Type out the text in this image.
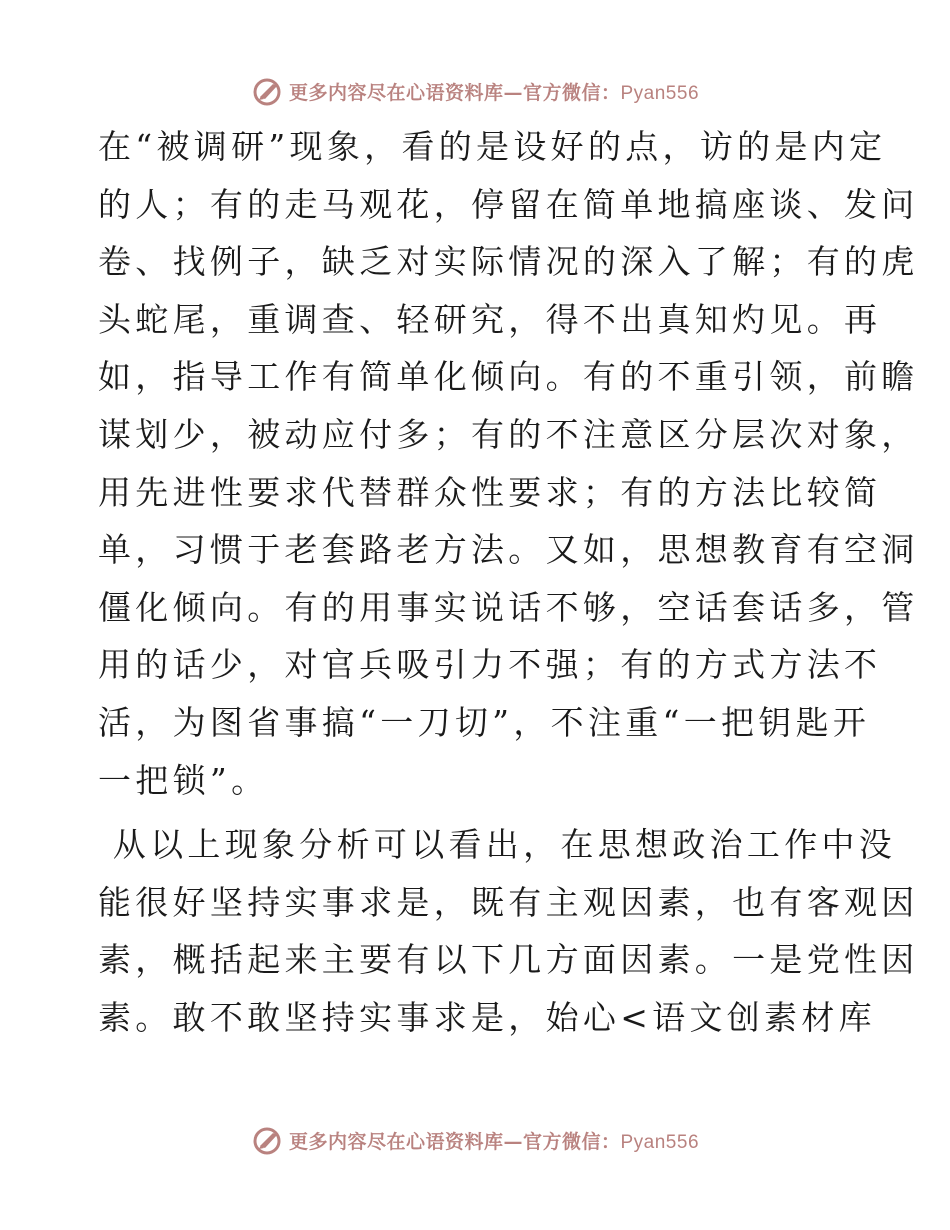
更多内容尽在心语资料库—官方微信：Pyan556

在“被调研”现象，看的是设好的点，访的是内定
的人；有的走马观花，停留在简单地搞座谈、发问
卷、找例子，缺乏对实际情况的深入了解；有的虎
头蛇尾，重调查、轻研究，得不出真知灼见。再
如，指导工作有简单化倾向。有的不重引领，前瞻
谋划少，被动应付多；有的不注意区分层次对象，
用先进性要求代替群众性要求；有的方法比较简
单，习惯于老套路老方法。又如，思想教育有空洞
僵化倾向。有的用事实说话不够，空话套话多，管
用的话少，对官兵吸引力不强；有的方式方法不
活，为图省事搞“一刀切”，不注重“一把钥匙开
一把锁”。

从以上现象分析可以看出，在思想政治工作中没
能很好坚持实事求是，既有主观因素，也有客观因
素，概括起来主要有以下几方面因素。一是党性因
素。敢不敢坚持实事求是，始心<语文创素材库

更多内容尽在心语资料库—官方微信：Pyan556
